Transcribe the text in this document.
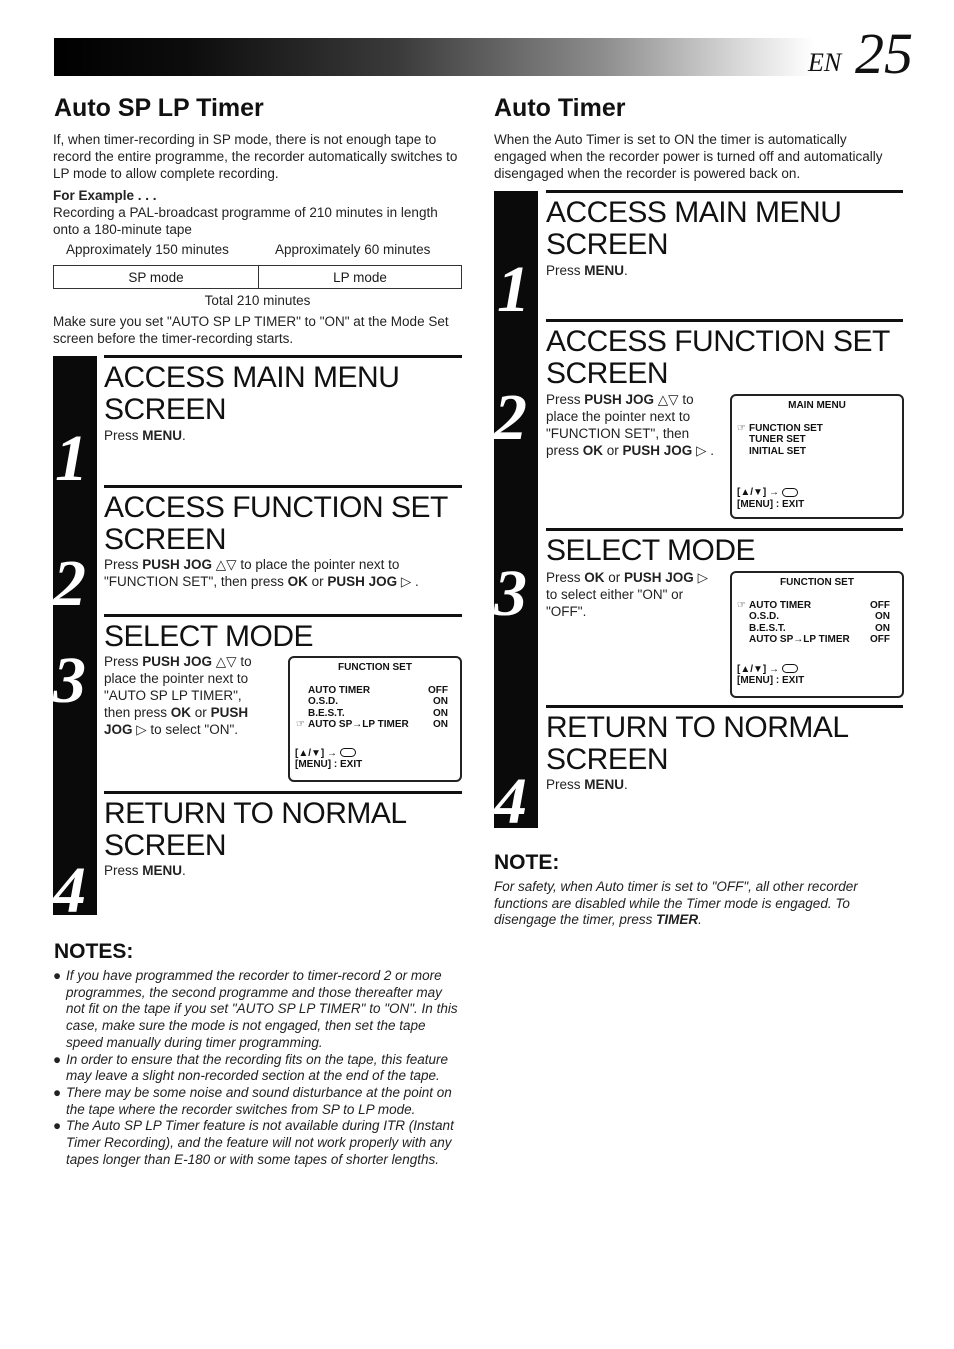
EN 25
Auto SP LP Timer
If, when timer-recording in SP mode, there is not enough tape to record the entire programme, the recorder automatically switches to LP mode to allow complete recording.
For Example . . .
Recording a PAL-broadcast programme of 210 minutes in length onto a 180-minute tape
Approximately 150 minutes	Approximately 60 minutes
SP mode	LP mode
Total 210 minutes
Make sure you set "AUTO SP LP TIMER" to "ON" at the Mode Set screen before the timer-recording starts.
1
2
3
4
ACCESS MAIN MENU SCREEN
Press MENU.
ACCESS FUNCTION SET SCREEN
Press PUSH JOG △▽ to place the pointer next to "FUNCTION SET", then press OK or PUSH JOG ▷ .
SELECT MODE
Press PUSH JOG △▽ to place the pointer next to "AUTO SP LP TIMER", then press OK or PUSH JOG ▷ to select "ON".
FUNCTION SET
AUTO TIMER	OFF
O.S.D.	ON
B.E.S.T.	ON
☞ AUTO SP→LP TIMER ON
[▲/▼] →
[MENU] : EXIT
RETURN TO NORMAL SCREEN
Press MENU.
NOTES:
● If you have programmed the recorder to timer-record 2 or more programmes, the second programme and those thereafter may not fit on the tape if you set "AUTO SP LP TIMER" to "ON". In this case, make sure the mode is not engaged, then set the tape speed manually during timer programming.
● In order to ensure that the recording fits on the tape, this feature may leave a slight non-recorded section at the end of the tape.
● There may be some noise and sound disturbance at the point on the tape where the recorder switches from SP to LP mode.
● The Auto SP LP Timer feature is not available during ITR (Instant Timer Recording), and the feature will not work properly with any tapes longer than E-180 or with some tapes of shorter lengths.
Auto Timer
When the Auto Timer is set to ON the timer is automatically engaged when the recorder power is turned off and automatically disengaged when the recorder is powered back on.
1
2
3
4
ACCESS MAIN MENU SCREEN
Press MENU.
ACCESS FUNCTION SET SCREEN
Press PUSH JOG △▽ to place the pointer next to "FUNCTION SET", then press OK or PUSH JOG ▷ .
MAIN MENU
☞ FUNCTION SET
TUNER SET
INITIAL SET
[▲/▼] →
[MENU] : EXIT
SELECT MODE
Press OK or PUSH JOG ▷ to select either "ON" or "OFF".
FUNCTION SET
☞ AUTO TIMER	OFF
O.S.D.	ON
B.E.S.T.	ON
AUTO SP→LP TIMER OFF
[▲/▼] →
[MENU] : EXIT
RETURN TO NORMAL SCREEN
Press MENU.
NOTE:
For safety, when Auto timer is set to "OFF", all other recorder functions are disabled while the Timer mode is engaged. To disengage the timer, press TIMER.
